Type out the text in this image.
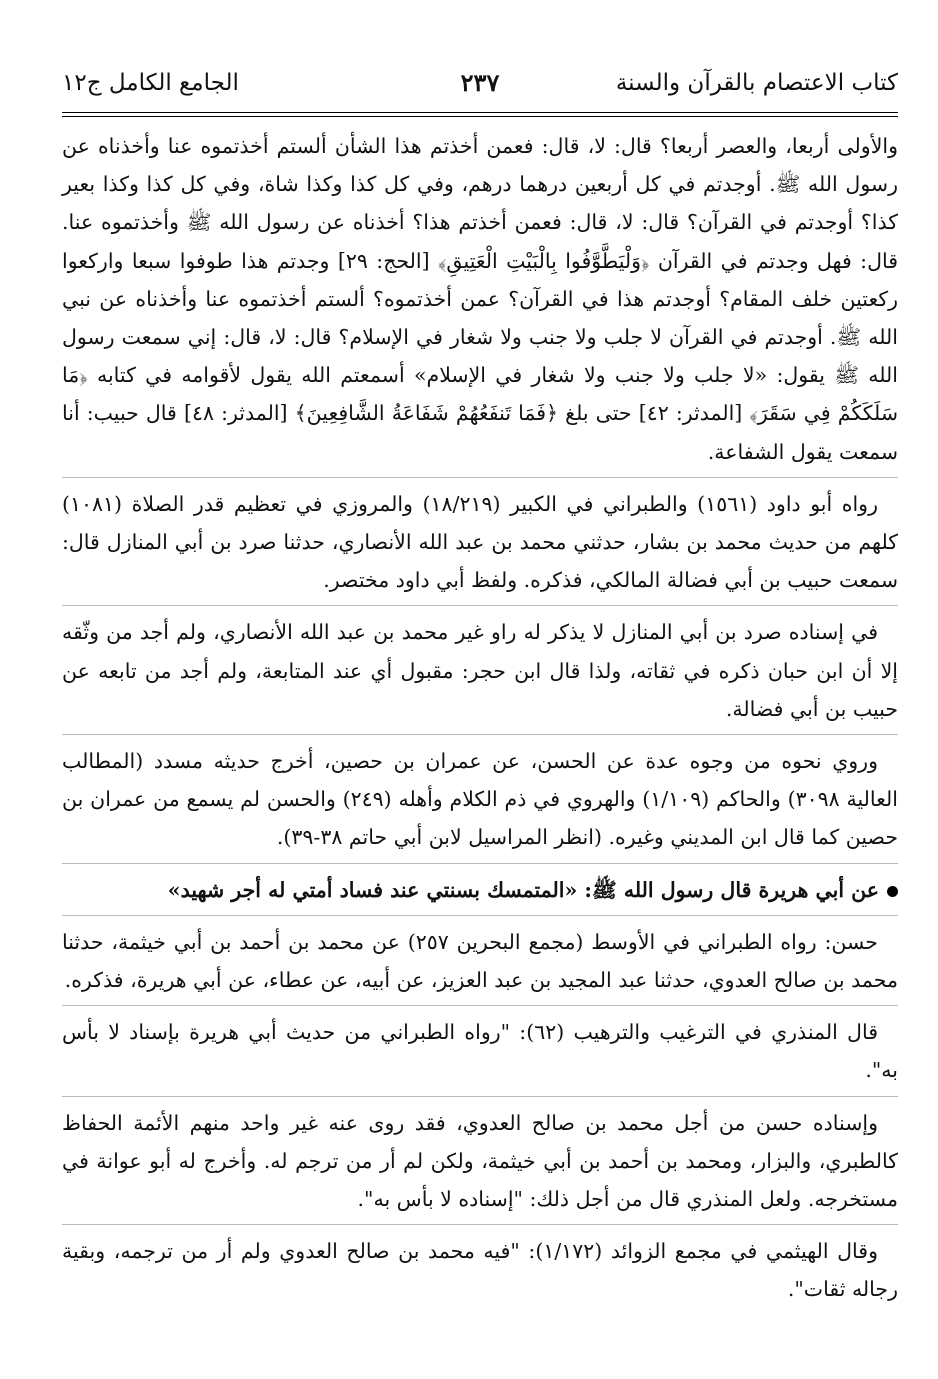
كتاب الاعتصام بالقرآن والسنة
٢٣٧
الجامع الكامل ج١٢

والأولى أربعا، والعصر أربعا؟ قال: لا، قال: فعمن أخذتم هذا الشأن ألستم أخذتموه عنا وأخذناه عن رسول الله ﷺ. أوجدتم في كل أربعين درهما درهم، وفي كل كذا وكذا شاة، وفي كل كذا وكذا بعير كذا؟ أوجدتم في القرآن؟ قال: لا، قال: فعمن أخذتم هذا؟ أخذناه عن رسول الله ﷺ وأخذتموه عنا. قال: فهل وجدتم في القرآن ﴿وَلْيَطَّوَّفُوا بِالْبَيْتِ الْعَتِيقِ﴾ [الحج: ٢٩] وجدتم هذا طوفوا سبعا واركعوا ركعتين خلف المقام؟ أوجدتم هذا في القرآن؟ عمن أخذتموه؟ ألستم أخذتموه عنا وأخذناه عن نبي الله ﷺ. أوجدتم في القرآن لا جلب ولا جنب ولا شغار في الإسلام؟ قال: لا، قال: إني سمعت رسول الله ﷺ يقول: «لا جلب ولا جنب ولا شغار في الإسلام» أسمعتم الله يقول لأقوامه في كتابه ﴿مَا سَلَكَكُمْ فِي سَقَرَ﴾ [المدثر: ٤٢] حتى بلغ ﴿فَمَا تَنفَعُهُمْ شَفَاعَةُ الشَّافِعِينَ﴾ [المدثر: ٤٨] قال حبيب: أنا سمعت يقول الشفاعة.

رواه أبو داود (١٥٦١) والطبراني في الكبير (١٨/٢١٩) والمروزي في تعظيم قدر الصلاة (١٠٨١) كلهم من حديث محمد بن بشار، حدثني محمد بن عبد الله الأنصاري، حدثنا صرد بن أبي المنازل قال: سمعت حبيب بن أبي فضالة المالكي، فذكره. ولفظ أبي داود مختصر.

في إسناده صرد بن أبي المنازل لا يذكر له راو غير محمد بن عبد الله الأنصاري، ولم أجد من وثّقه إلا أن ابن حبان ذكره في ثقاته، ولذا قال ابن حجر: مقبول أي عند المتابعة، ولم أجد من تابعه عن حبيب بن أبي فضالة.

وروي نحوه من وجوه عدة عن الحسن، عن عمران بن حصين، أخرج حديثه مسدد (المطالب العالية ٣٠٩٨) والحاكم (١/١٠٩) والهروي في ذم الكلام وأهله (٢٤٩) والحسن لم يسمع من عمران بن حصين كما قال ابن المديني وغيره. (انظر المراسيل لابن أبي حاتم ٣٨-٣٩).

عن أبي هريرة قال رسول الله ﷺ: «المتمسك بسنتي عند فساد أمتي له أجر شهيد»

حسن: رواه الطبراني في الأوسط (مجمع البحرين ٢٥٧) عن محمد بن أحمد بن أبي خيثمة، حدثنا محمد بن صالح العدوي، حدثنا عبد المجيد بن عبد العزيز، عن أبيه، عن عطاء، عن أبي هريرة، فذكره.

قال المنذري في الترغيب والترهيب (٦٢): "رواه الطبراني من حديث أبي هريرة بإسناد لا بأس به".

وإسناده حسن من أجل محمد بن صالح العدوي، فقد روى عنه غير واحد منهم الأئمة الحفاظ كالطبري، والبزار، ومحمد بن أحمد بن أبي خيثمة، ولكن لم أر من ترجم له. وأخرج له أبو عوانة في مستخرجه. ولعل المنذري قال من أجل ذلك: "إسناده لا بأس به".

وقال الهيثمي في مجمع الزوائد (١/١٧٢): "فيه محمد بن صالح العدوي ولم أر من ترجمه، وبقية رجاله ثقات".
